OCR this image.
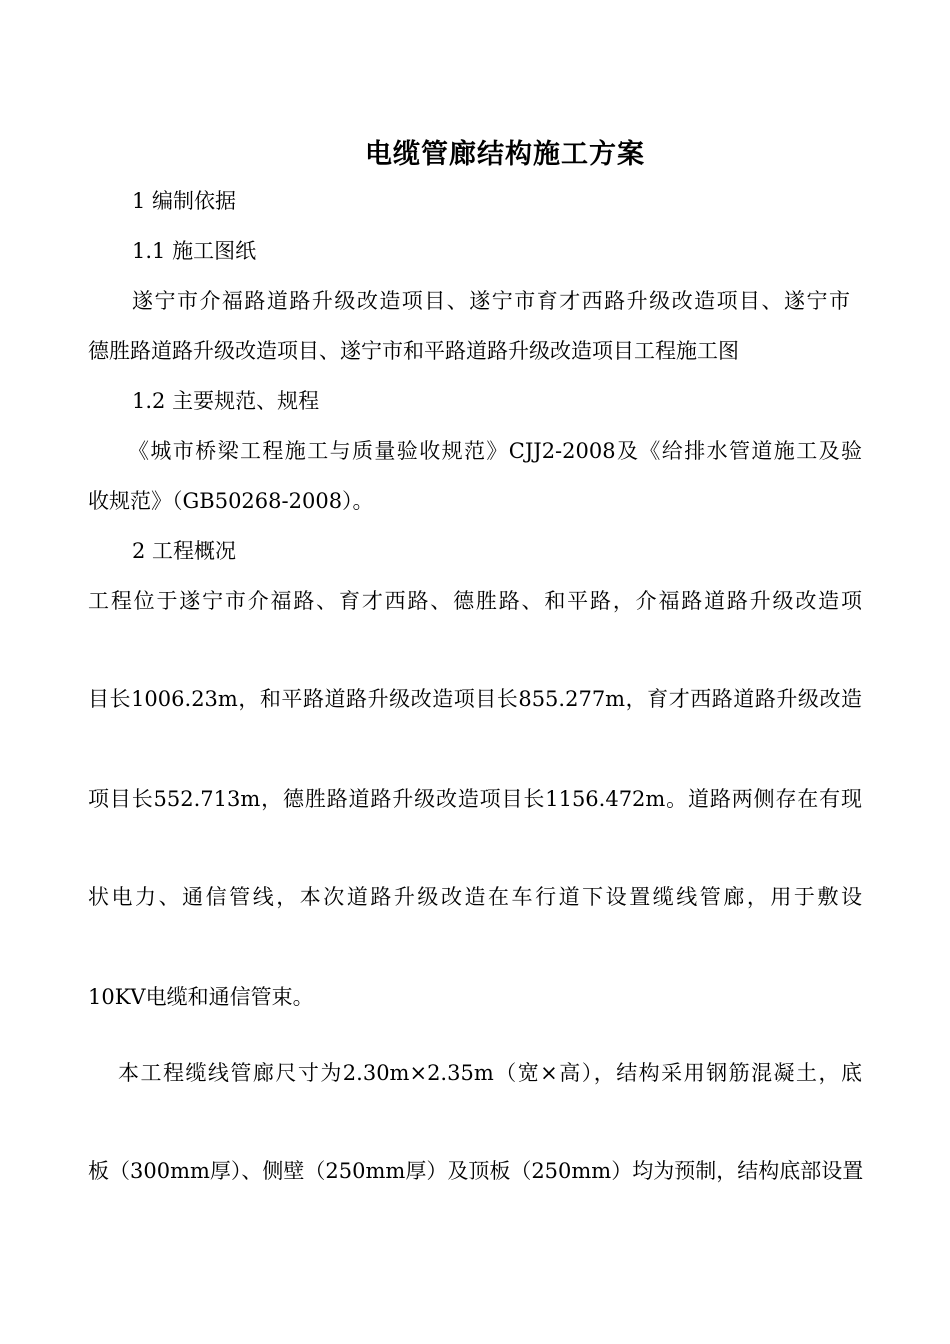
电缆管廊结构施工方案
1 编制依据
1.1 施工图纸
遂宁市介福路道路升级改造项目、遂宁市育才西路升级改造项目、遂宁市
德胜路道路升级改造项目、遂宁市和平路道路升级改造项目工程施工图
1.2 主要规范、规程
《城市桥梁工程施工与质量验收规范》CJJ2-2008及《给排水管道施工及验
收规范》（GB50268-2008）。
2 工程概况
工程位于遂宁市介福路、育才西路、德胜路、和平路，介福路道路升级改造项
目长1006.23m，和平路道路升级改造项目长855.277m，育才西路道路升级改造
项目长552.713m，德胜路道路升级改造项目长1156.472m。道路两侧存在有现
状电力、通信管线，本次道路升级改造在车行道下设置缆线管廊，用于敷设
10KV电缆和通信管束。
本工程缆线管廊尺寸为2.30m×2.35m（宽×高），结构采用钢筋混凝土，底
板（300mm厚）、侧壁（250mm厚）及顶板（250mm）均为预制，结构底部设置
